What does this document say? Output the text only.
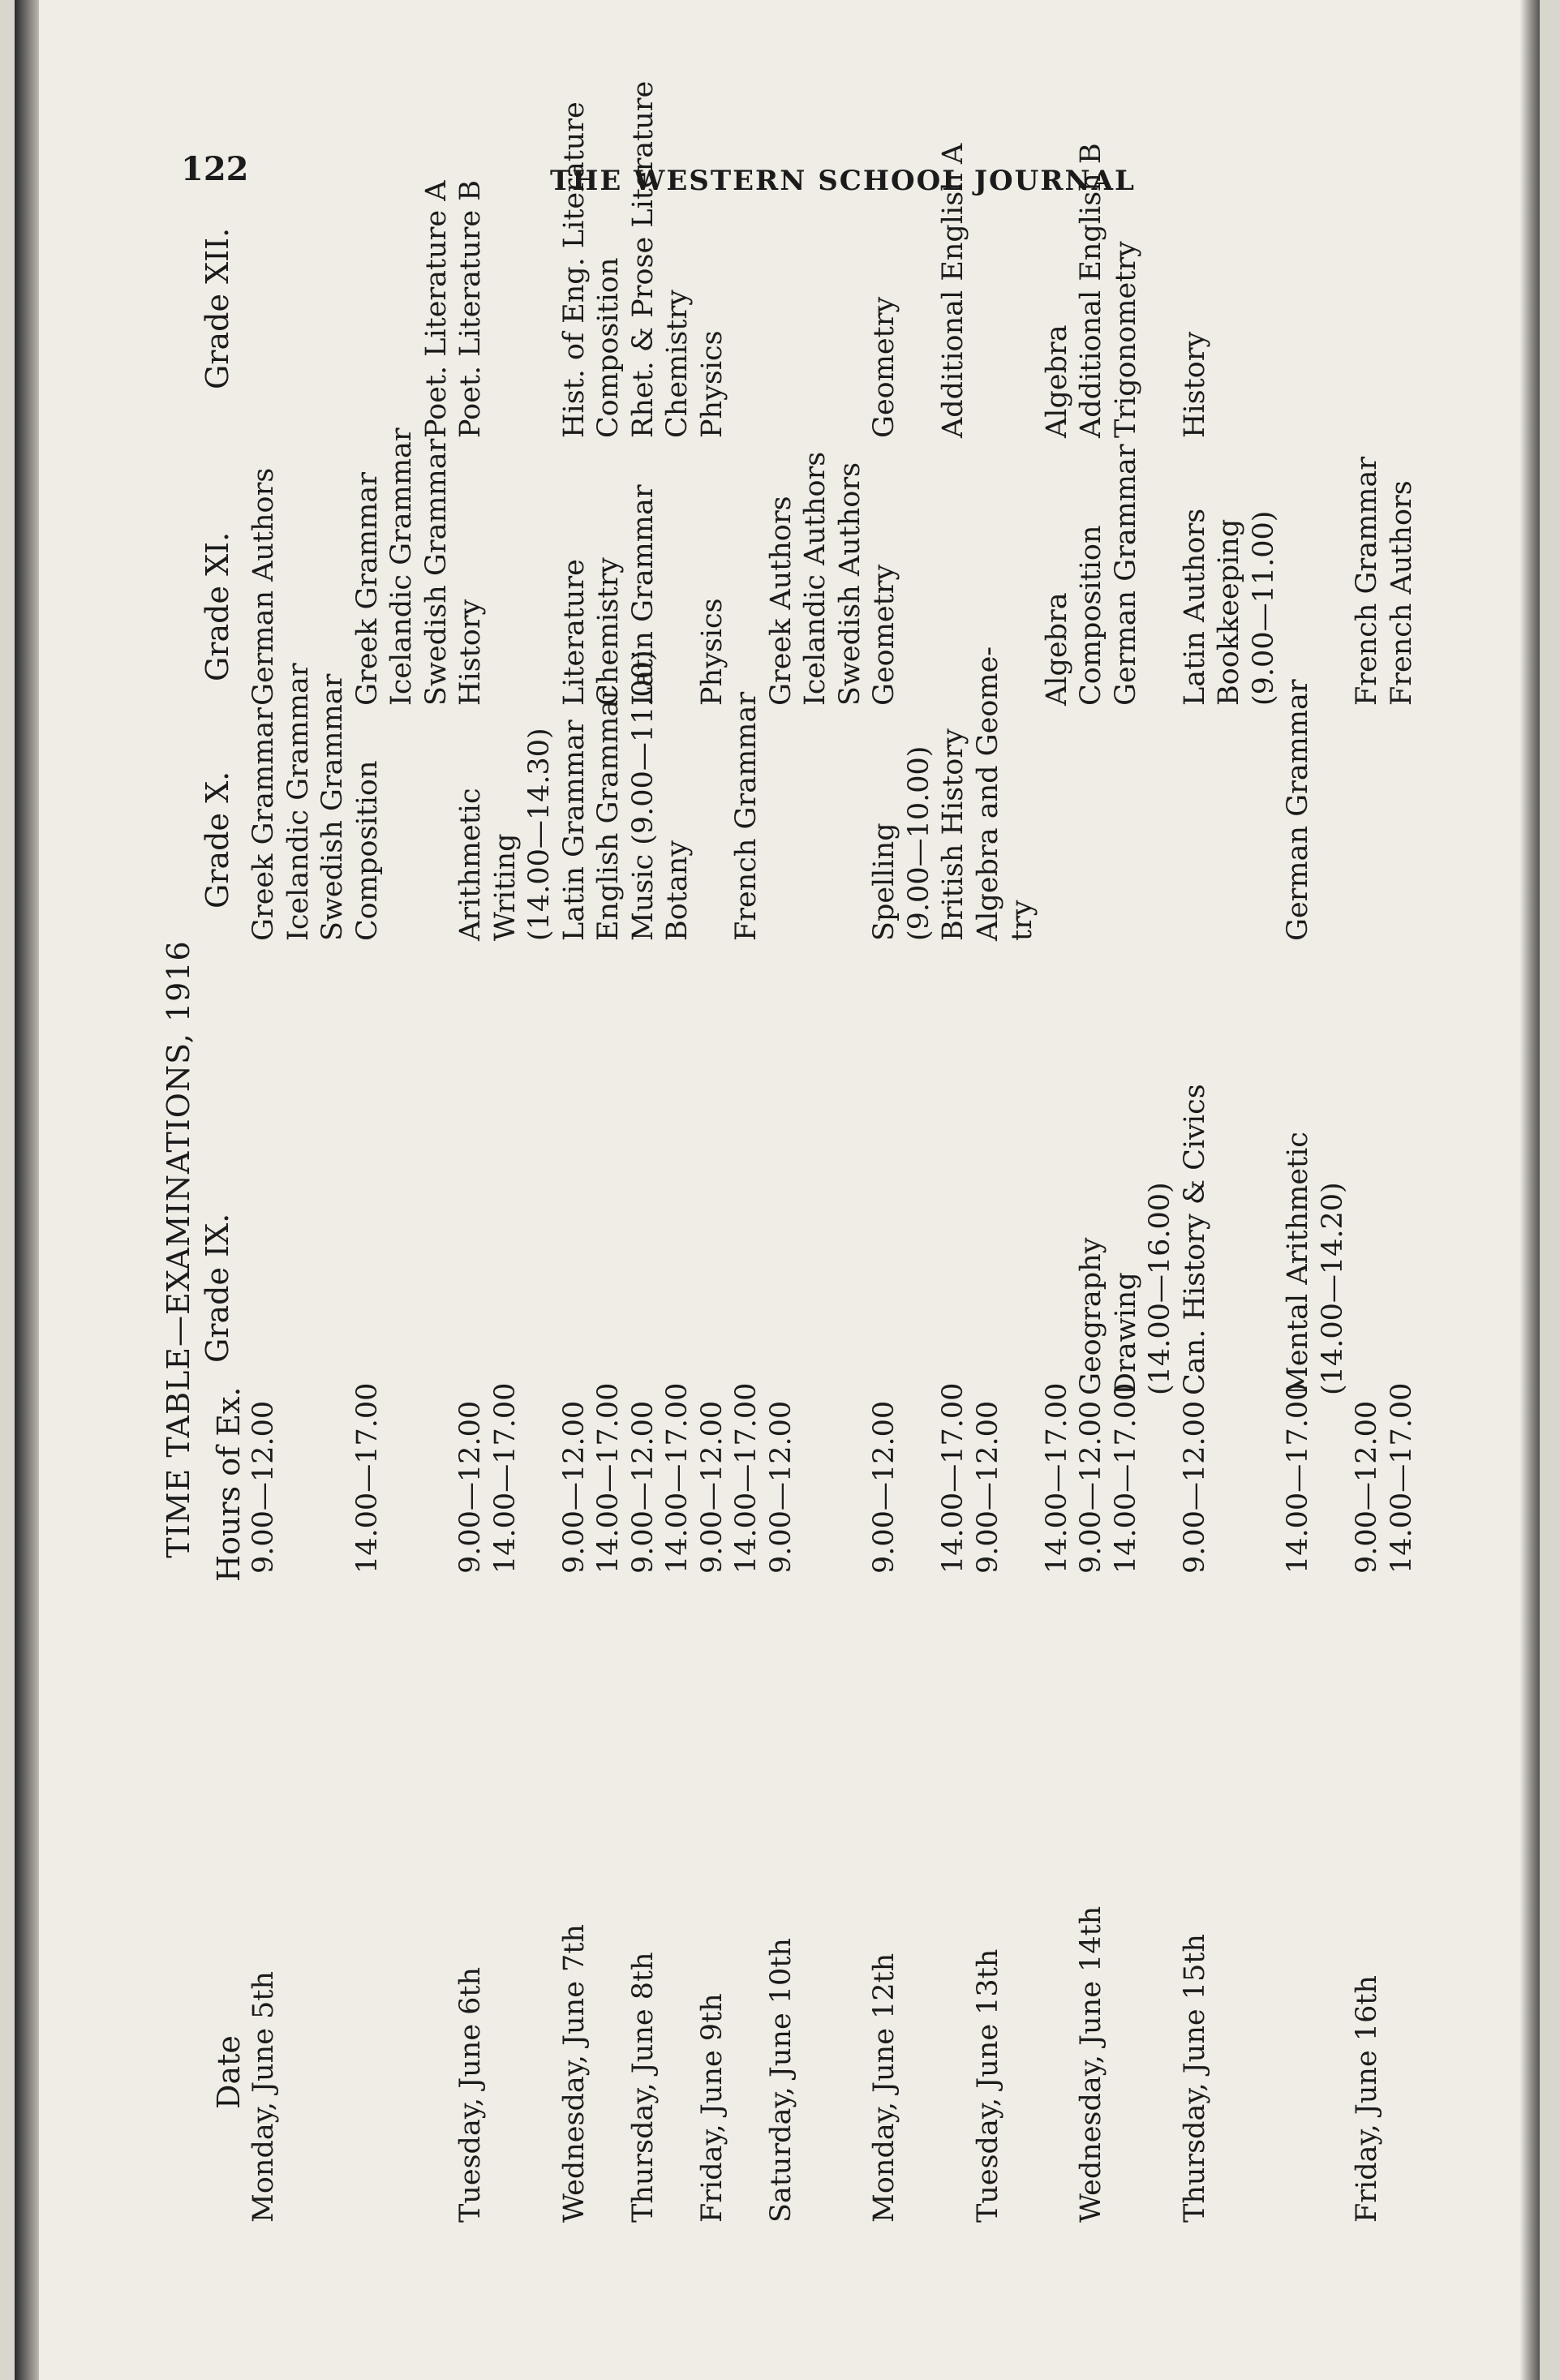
122	THE WESTERN SCHOOL JOURNAL
TIME TABLE—EXAMINATIONS, 1916
Date
Hours of Ex.
Grade IX.
Grade X.
Grade XI.
Grade XII.
Monday, June 5th
9.00—12.00
Greek Grammar
German Authors
Icelandic Grammar Swedish Grammar
14.00—17.00
Composition
Greek Grammar Icelandic Grammar Swedish Grammar
Poet. Literature A
Tuesday, June 6th
9.00—12.00
Arithmetic
History
Poet. Literature B
14.00—17.00
Writing (14.00—14.30)
Wednesday, June 7th
9.00—12.00
Latin Grammar
Literature
Hist. of Eng. Literature
14.00—17.00
English Grammar
Chemistry
Composition
Thursday, June 8th
9.00—12.00
Music (9.00—11.00)
Latin Grammar
Rhet. & Prose Literature
14.00—17.00
Botany
Chemistry
Friday, June 9th
9.00—12.00
Physics
Physics
14.00—17.00
French Grammar
Saturday, June 10th
9.00—12.00
Greek Authors Icelandic Authors Swedish Authors
Monday, June 12th
9.00—12.00
Spelling
Geometry
Geometry
(9.00—10.00)
14.00—17.00
British History
Additional English A
Tuesday, June 13th
9.00—12.00
Algebra and Geome- try
14.00—17.00
Algebra
Algebra
Wednesday, June 14th
9.00—12.00
Geography
Composition
Additional English B
14.00—17.00
Drawing
German Grammar
Trigonometry
(14.00—16.00)
Thursday, June 15th
9.00—12.00
Can. History & Civics
Latin Authors
History
Bookkeeping (9.00—11.00)
14.00—17.00
Mental Arithmetic
German Grammar
(14.00—14.20)
Friday, June 16th
9.00—12.00
French Grammar
14.00—17.00
French Authors
